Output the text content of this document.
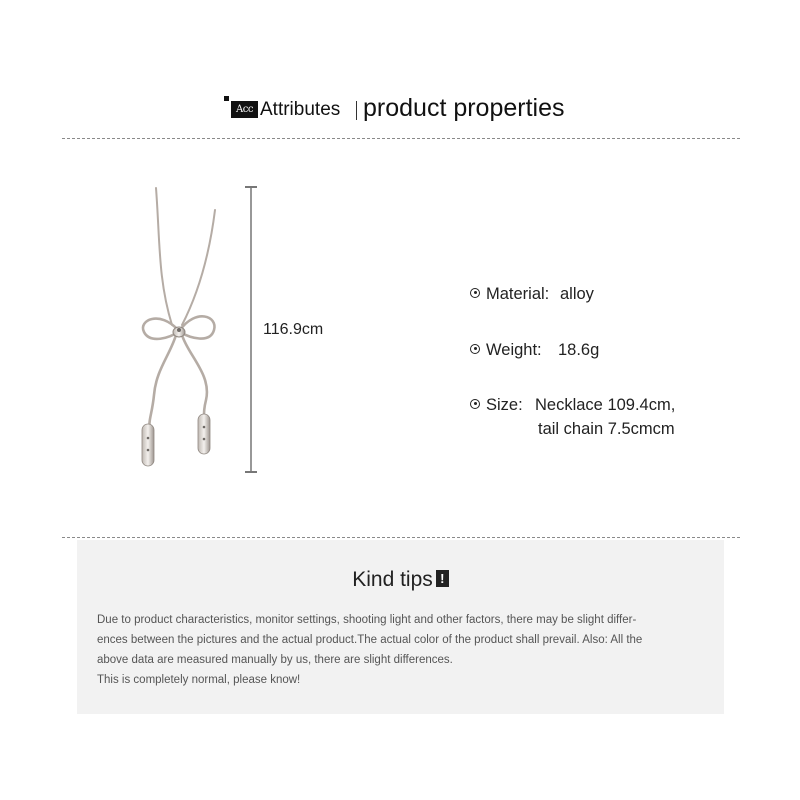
Acc Attributes product properties
116.9cm
Material: alloy
Weight: 18.6g
Size: Necklace 109.4cm,
tail chain 7.5cmcm
Kind tips !

Due to product characteristics, monitor settings, shooting light and other factors, there may be slight differ-

ences between the pictures and the actual product.The actual color of the product shall prevail. Also: All the

above data are measured manually by us, there are slight differences.

This is completely normal, please know!
